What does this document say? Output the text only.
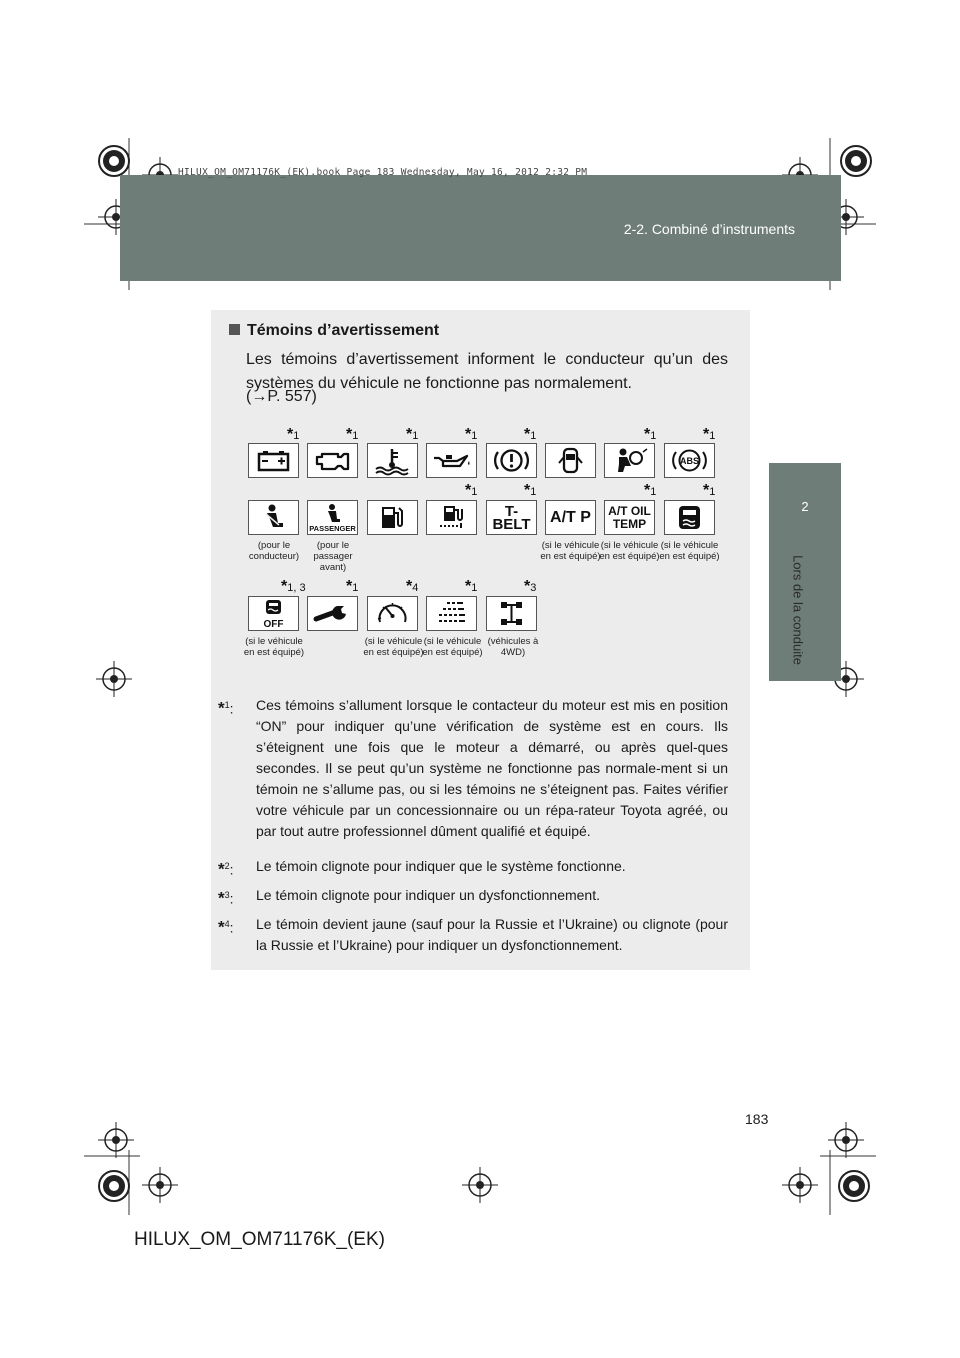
2-2. Combiné d’instruments
HILUX_OM_OM71176K_(EK).book Page 183 Wednesday, May 16, 2012 2:32 PM
2
Lors de la conduite
Témoins d’avertissement
Les témoins d’avertissement informent le conducteur qu’un des systèmes du véhicule ne fonctionne pas normalement.
(→P. 557)
*1	*1	*1	*1	*1	*1	*1
ABS
*1	*1	*1	*1
PASSENGER
T-BELT	A/T P A/T OIL TEMP
(pour le conducteur)
(pour le passager avant)
(si le véhicule en est équipé)
(si le véhicule en est équipé)
(si le véhicule en est équipé)
*1, 3	*1	*4	*1	*3
OFF
(si le véhicule en est équipé)
(si le véhicule en est équipé)
(si le véhicule en est équipé)
(véhicules à 4WD)
*$^1$:	Ces témoins s’allument lorsque le contacteur du moteur est mis en position “ON” pour indiquer qu’une vérification de système est en cours. Ils s’éteignent une fois que le moteur a démarré, ou après quel-ques secondes. Il se peut qu’un système ne fonctionne pas normale-ment si un témoin ne s’allume pas, ou si les témoins ne s’éteignent pas. Faites vérifier votre véhicule par un concessionnaire ou un répa-rateur Toyota agréé, ou par tout autre professionnel dûment qualifié et équipé.
*$^2$:	Le témoin clignote pour indiquer que le système fonctionne.
*$^3$:	Le témoin clignote pour indiquer un dysfonctionnement.
*$^4$:	Le témoin devient jaune (sauf pour la Russie et l’Ukraine) ou clignote (pour la Russie et l’Ukraine) pour indiquer un dysfonctionnement.
183
HILUX_OM_OM71176K_(EK)
